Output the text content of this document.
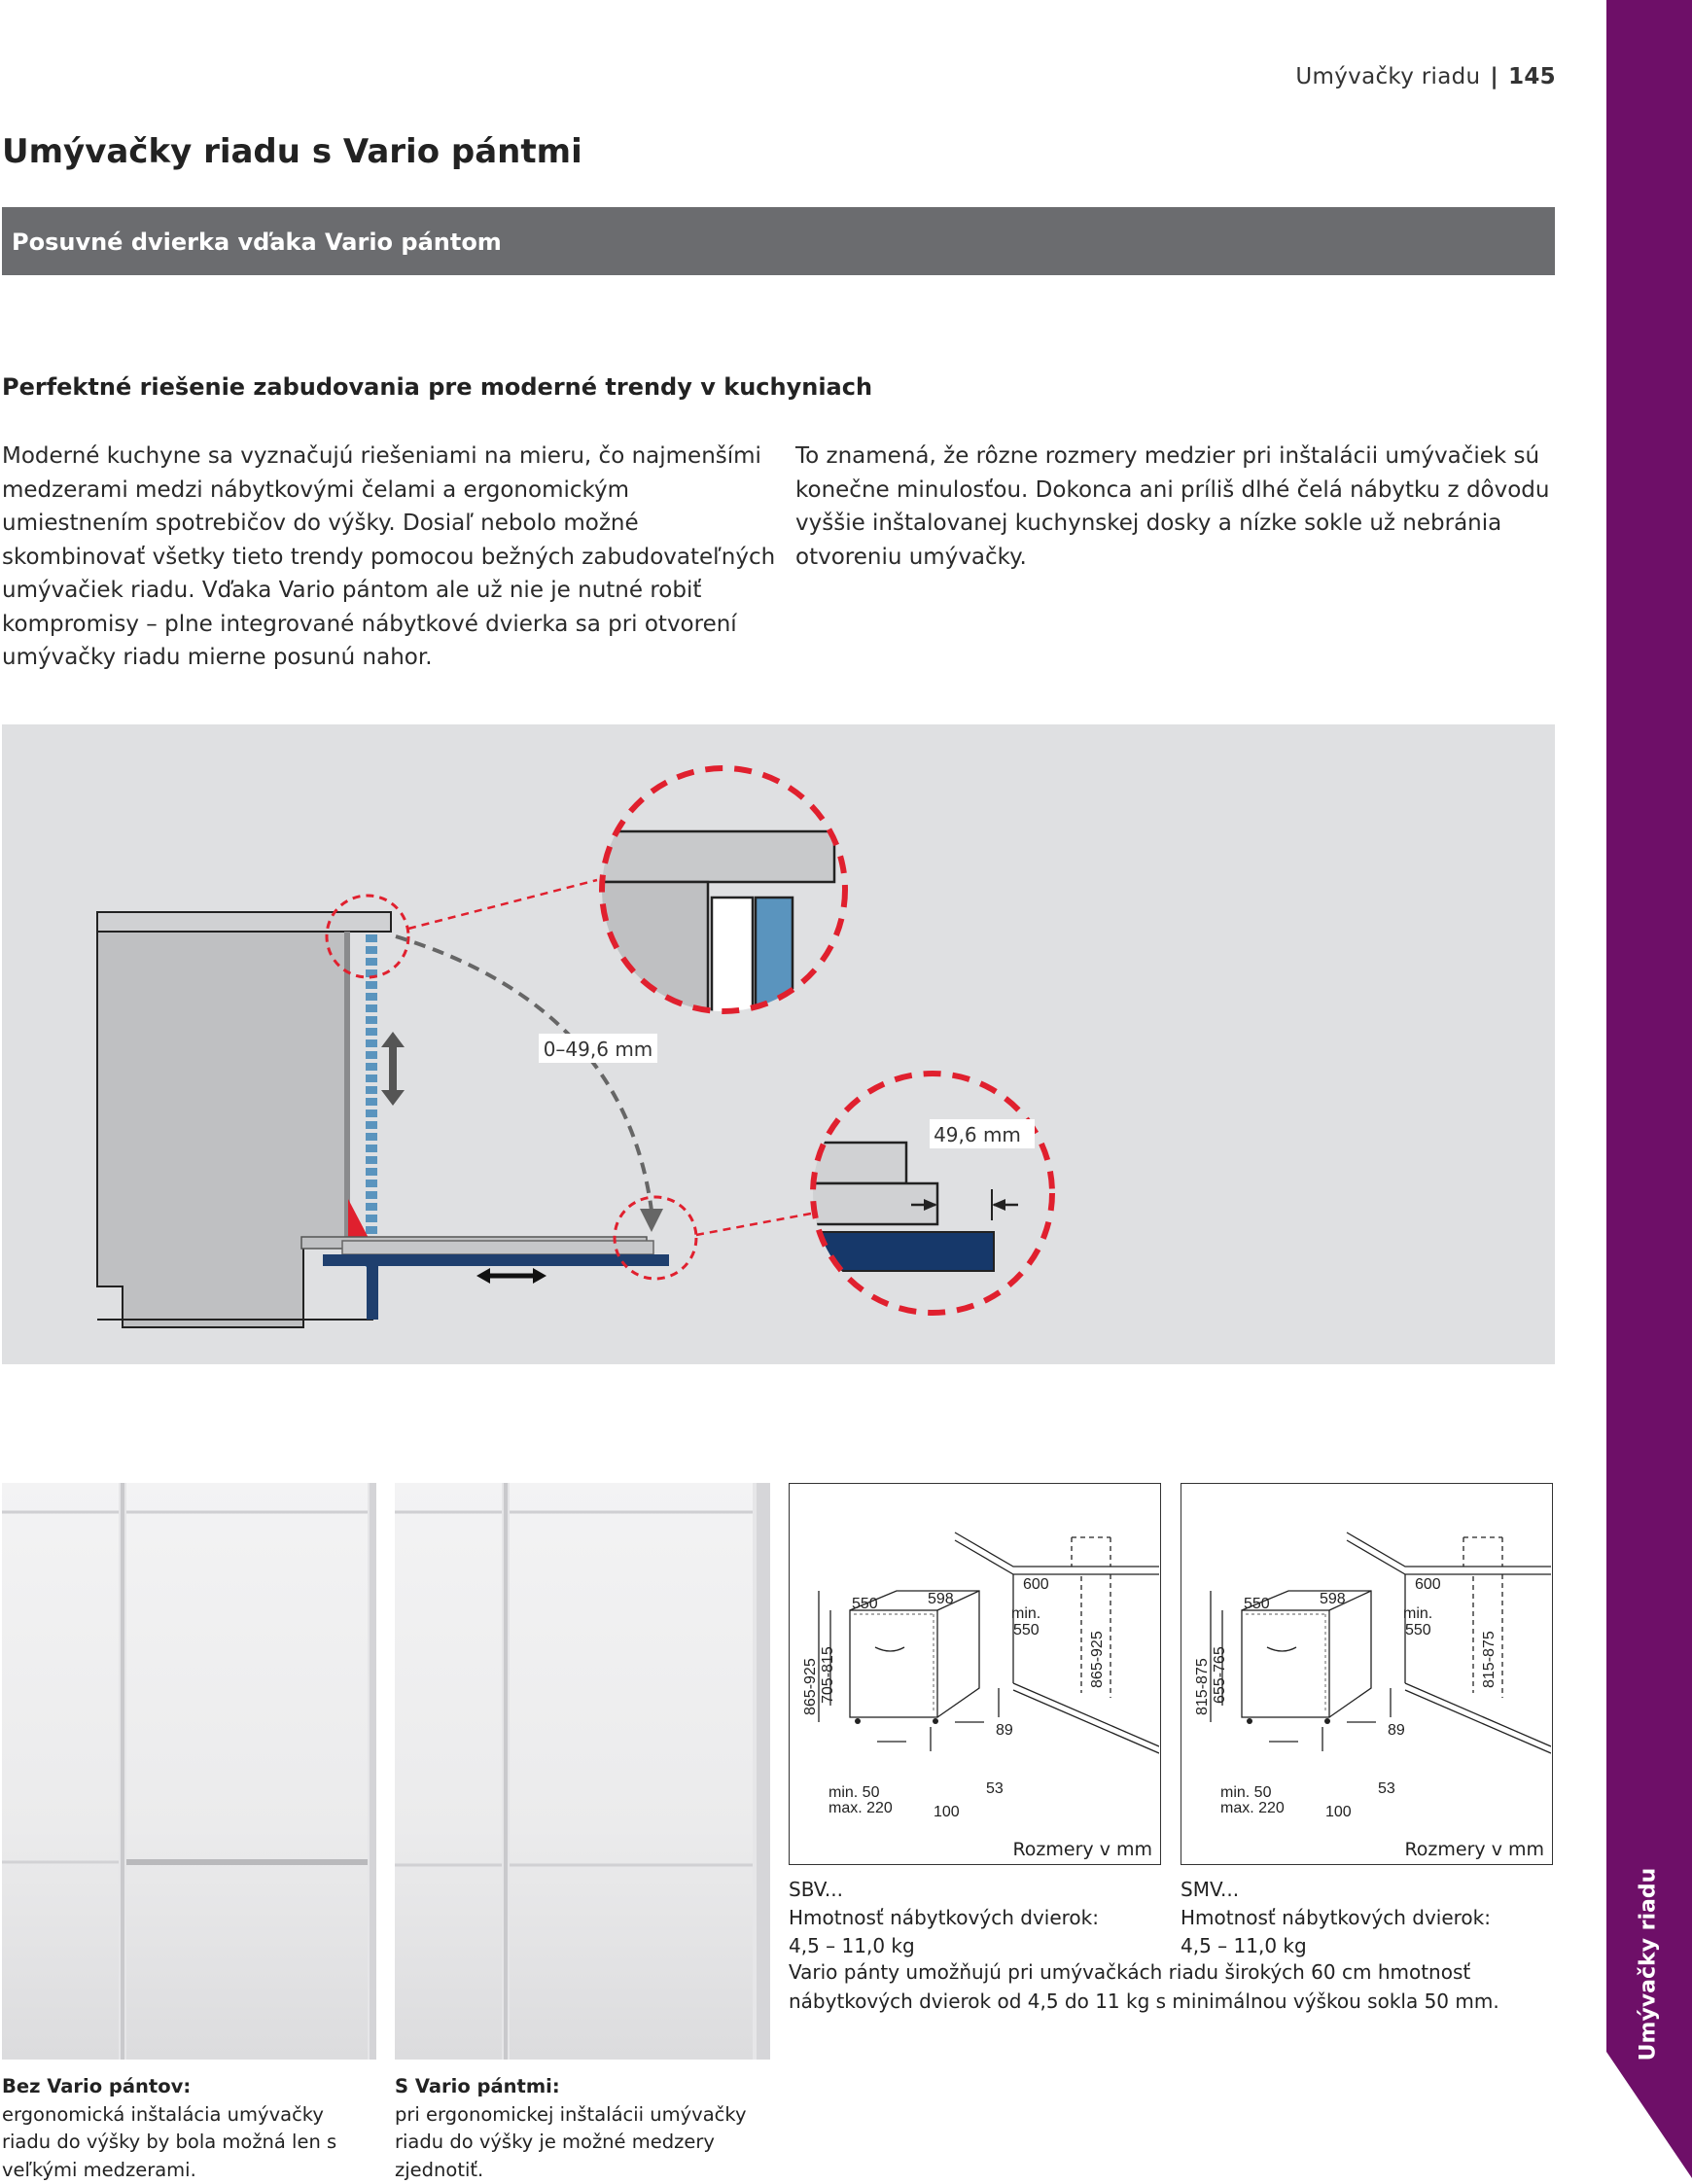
Umývačky riadu
Umývačky riadu | 145
Umývačky riadu s Vario pántmi
Posuvné dvierka vďaka Vario pántom
Perfektné riešenie zabudovania pre moderné trendy v kuchyniach
Moderné kuchyne sa vyznačujú riešeniami na mieru, čo najmenšími medzerami medzi nábytkovými čelami a ergonomickým umiestnením spotrebičov do výšky. Dosiaľ nebolo možné skombinovať všetky tieto trendy pomocou bežných zabudovateľných umývačiek riadu. Vďaka Vario pántom ale už nie je nutné robiť kompromisy – plne integrované nábytkové dvierka sa pri otvorení umývačky riadu mierne posunú nahor.
To znamená, že rôzne rozmery medzier pri inštalácii umývačiek sú konečne minulosťou. Dokonca ani príliš dlhé čelá nábytku z dôvodu vyššie inštalovanej kuchynskej dosky a nízke sokle už nebránia otvoreniu umývačky.
0–49,6 mm
49,6 mm
Bez Vario pántov:
ergonomická inštalácia umývačky riadu do výšky by bola možná len s veľkými medzerami.
S Vario pántmi:
pri ergonomickej inštalácii umývačky riadu do výšky je možné medzery zjednotiť.
550	598
600
min.
550
89
53
100
min. 50
max. 220
865-925 705-815	865-925
Rozmery v mm
SBV...
Hmotnosť nábytkových dvierok:
4,5 – 11,0 kg
550	598
600
min.
550
89
53
100
min. 50
max. 220
815-875 655-765	815-875
Rozmery v mm
SMV...
Hmotnosť nábytkových dvierok:
4,5 – 11,0 kg
Vario pánty umožňujú pri umývačkách riadu širokých 60 cm hmotnosť nábytkových dvierok od 4,5 do 11 kg s minimálnou výškou sokla 50 mm.
